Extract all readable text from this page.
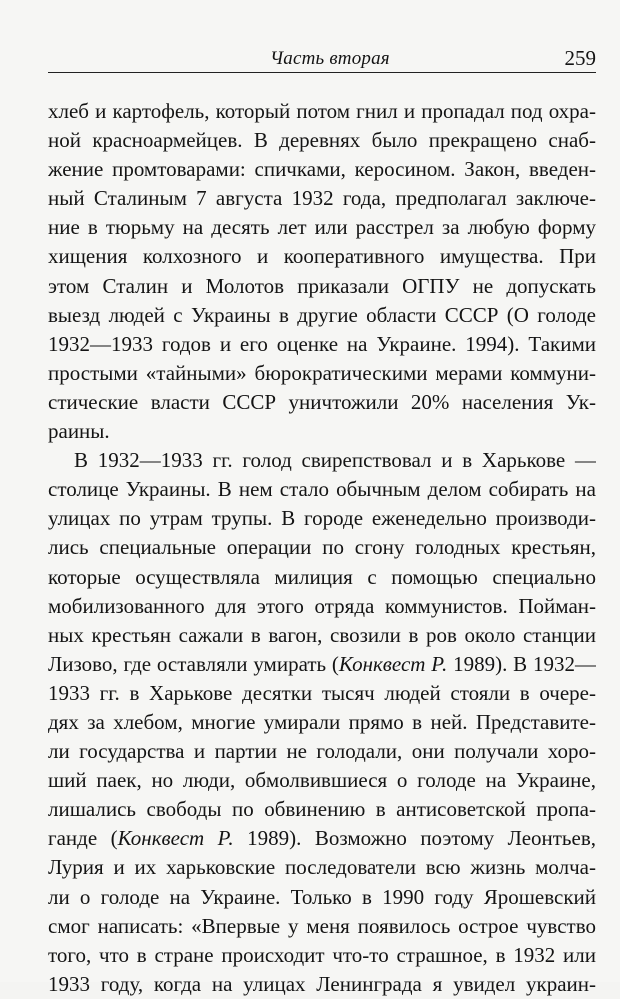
Часть вторая	259
хлеб и картофель, который потом гнил и пропадал под охра-
ной красноармейцев. В деревнях было прекращено снаб-
жение промтоварами: спичками, керосином. Закон, введен-
ный Сталиным 7 августа 1932 года, предполагал заключе-
ние в тюрьму на десять лет или расстрел за любую форму
хищения колхозного и кооперативного имущества. При
этом Сталин и Молотов приказали ОГПУ не допускать
выезд людей с Украины в другие области СССР (О голоде
1932—1933 годов и его оценке на Украине. 1994). Такими
простыми «тайными» бюрократическими мерами коммуни-
стические власти СССР уничтожили 20% населения Ук-
раины.
В 1932—1933 гг. голод свирепствовал и в Харькове —
столице Украины. В нем стало обычным делом собирать на
улицах по утрам трупы. В городе еженедельно производи-
лись специальные операции по сгону голодных крестьян,
которые осуществляла милиция с помощью специально
мобилизованного для этого отряда коммунистов. Пойман-
ных крестьян сажали в вагон, свозили в ров около станции
Лизово, где оставляли умирать (Конквест Р. 1989). В 1932—
1933 гг. в Харькове десятки тысяч людей стояли в очере-
дях за хлебом, многие умирали прямо в ней. Представите-
ли государства и партии не голодали, они получали хоро-
ший паек, но люди, обмолвившиеся о голоде на Украине,
лишались свободы по обвинению в антисоветской пропа-
ганде (Конквест Р. 1989). Возможно поэтому Леонтьев,
Лурия и их харьковские последователи всю жизнь молча-
ли о голоде на Украине. Только в 1990 году Ярошевский
смог написать: «Впервые у меня появилось острое чувство
того, что в стране происходит что-то страшное, в 1932 или
1933 году, когда на улицах Ленинграда я увидел украин-
